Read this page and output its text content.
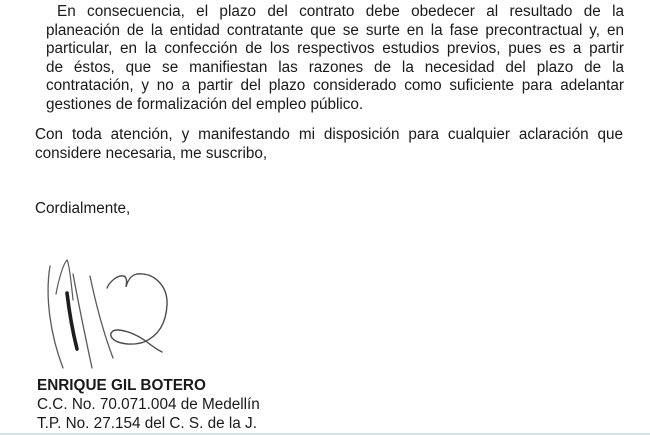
En consecuencia, el plazo del contrato debe obedecer al resultado de la
planeación de la entidad contratante que se surte en la fase precontractual y, en
particular, en la confección de los respectivos estudios previos, pues es a partir
de éstos, que se manifiestan las razones de la necesidad del plazo de la
contratación, y no a partir del plazo considerado como suficiente para adelantar
gestiones de formalización del empleo público.
Con toda atención, y manifestando mi disposición para cualquier aclaración que
considere necesaria, me suscribo,
Cordialmente,
ENRIQUE GIL BOTERO
C.C. No. 70.071.004 de Medellín
T.P. No. 27.154 del C. S. de la J.
